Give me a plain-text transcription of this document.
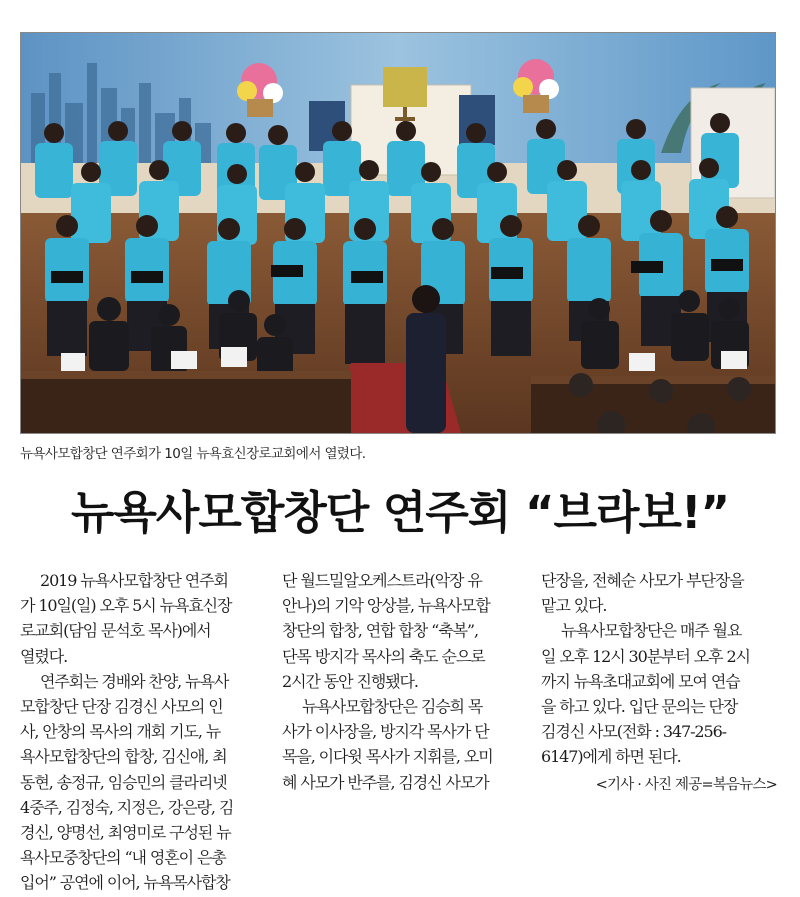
뉴욕사모합창단 연주회가 10일 뉴욕효신장로교회에서 열렸다.
뉴욕사모합창단 연주회 “브라보!”

2019 뉴욕사모합창단 연주회

가 10일(일) 오후 5시 뉴욕효신장

로교회(담임 문석호 목사)에서

열렸다.

연주회는 경배와 찬양, 뉴욕사

모합창단 단장 김경신 사모의 인

사, 안창의 목사의 개회 기도, 뉴

욕사모합창단의 합창, 김신애, 최

동현, 송정규, 임승민의 클라리넷

4중주, 김정숙, 지정은, 강은랑, 김

경신, 양명선, 최영미로 구성된 뉴

욕사모중창단의 “내 영혼이 은총

입어” 공연에 이어, 뉴욕목사합창

단 월드밀알오케스트라(악장 유

안나)의 기악 앙상블, 뉴욕사모합

창단의 합창, 연합 합창 “축복”,

단목 방지각 목사의 축도 순으로

2시간 동안 진행됐다.

뉴욕사모합창단은 김승희 목

사가 이사장을, 방지각 목사가 단

목을, 이다윗 목사가 지휘를, 오미

혜 사모가 반주를, 김경신 사모가

단장을, 전혜순 사모가 부단장을

맡고 있다.

뉴욕사모합창단은 매주 월요

일 오후 12시 30분부터 오후 2시

까지 뉴욕초대교회에 모여 연습

을 하고 있다. 입단 문의는 단장

김경신 사모(전화 : 347-256-

6147)에게 하면 된다.

<기사 · 사진 제공=복음뉴스>
